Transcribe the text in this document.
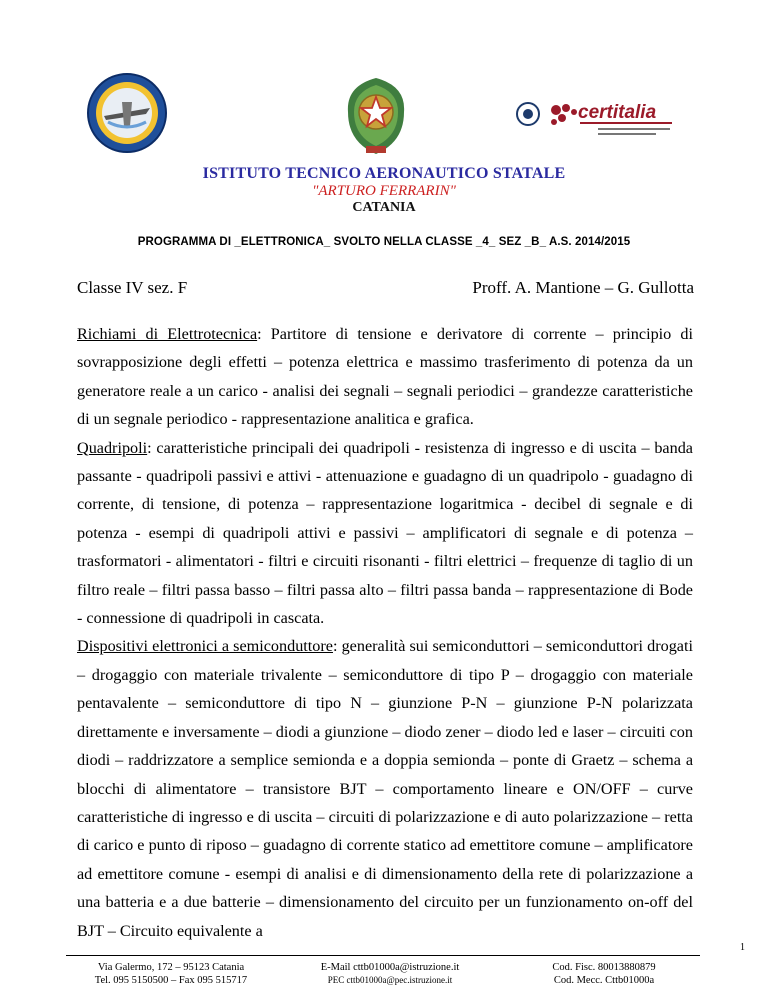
certitalia
ISTITUTO TECNICO AERONAUTICO STATALE
"ARTURO FERRARIN"
CATANIA
PROGRAMMA DI _ELETTRONICA_ SVOLTO NELLA CLASSE _4_ SEZ _B_ A.S. 2014/2015
Classe IV sez. F	Proff. A. Mantione – G. Gullotta

Richiami di Elettrotecnica: Partitore di tensione e derivatore di corrente – principio di sovrapposizione degli effetti – potenza elettrica e massimo trasferimento di potenza da un generatore reale a un carico - analisi dei segnali – segnali periodici – grandezze caratteristiche di un segnale periodico - rappresentazione analitica e grafica.

Quadripoli: caratteristiche principali dei quadripoli - resistenza di ingresso e di uscita – banda passante - quadripoli passivi e attivi - attenuazione e guadagno di un quadripolo - guadagno di corrente, di tensione, di potenza – rappresentazione logaritmica - decibel di segnale e di potenza - esempi di quadripoli attivi e passivi – amplificatori di segnale e di potenza – trasformatori - alimentatori - filtri e circuiti risonanti - filtri elettrici – frequenze di taglio di un filtro reale – filtri passa basso – filtri passa alto – filtri passa banda – rappresentazione di Bode - connessione di quadripoli in cascata.

Dispositivi elettronici a semiconduttore: generalità sui semiconduttori – semiconduttori drogati – drogaggio con materiale trivalente – semiconduttore di tipo P – drogaggio con materiale pentavalente – semiconduttore di tipo N – giunzione P-N – giunzione P-N polarizzata direttamente e inversamente – diodi a giunzione – diodo zener – diodo led e laser – circuiti con diodi – raddrizzatore a semplice semionda e a doppia semionda – ponte di Graetz – schema a blocchi di alimentatore – transistore BJT – comportamento lineare e ON/OFF – curve caratteristiche di ingresso e di uscita – circuiti di polarizzazione e di auto polarizzazione – retta di carico e punto di riposo – guadagno di corrente statico ad emettitore comune – amplificatore ad emettitore comune - esempi di analisi e di dimensionamento della rete di polarizzazione a una batteria e a due batterie – dimensionamento del circuito per un funzionamento on-off del BJT – Circuito equivalente a

1
Via Galermo, 172 – 95123 Catania
Tel. 095 5150500 – Fax 095 515717
E-Mail cttb01000a@istruzione.it
PEC cttb01000a@pec.istruzione.it
Cod. Fisc. 80013880879
Cod. Mecc. Cttb01000a
